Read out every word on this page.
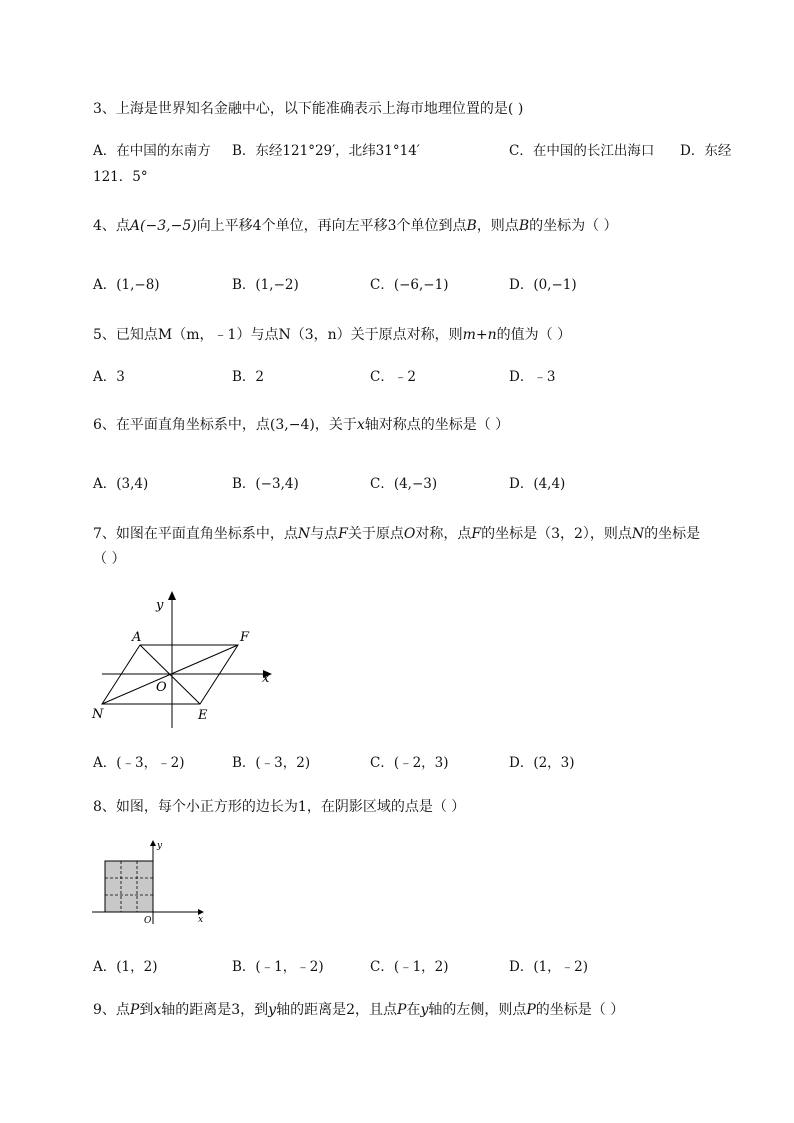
3、上海是世界知名金融中心，以下能准确表示上海市地理位置的是( )
A．在中国的东南方 B．东经121°29′，北纬31°14′	C．在中国的长江出海口 D．东经
121．5°
4、点A(−3,−5)向上平移4个单位，再向左平移3个单位到点B，则点B的坐标为（ ）
A．(1,−8)	B．(1,−2)	C．(−6,−1)	D．(0,−1)
5、已知点M（m，﹣1）与点N（3，n）关于原点对称，则m+n的值为（ ）
A．3	B．2	C．﹣2	D．﹣3
6、在平面直角坐标系中，点(3,−4)，关于x轴对称点的坐标是（ ）
A．(3,4)	B．(−3,4)	C．(4,−3)	D．(4,4)
7、如图在平面直角坐标系中，点N与点F关于原点O对称，点F的坐标是（3，2），则点N的坐标是
（ ）
y
x
A	F
O
N	E
A．(﹣3，﹣2)	B．(﹣3，2)	C．(﹣2，3)	D．(2，3)
8、如图，每个小正方形的边长为1，在阴影区域的点是（ ）
y
x
O
A．(1，2)	B．(﹣1，﹣2)	C．(﹣1，2)	D．(1，﹣2)
9、点P到x轴的距离是3，到y轴的距离是2，且点P在y轴的左侧，则点P的坐标是（ ）
